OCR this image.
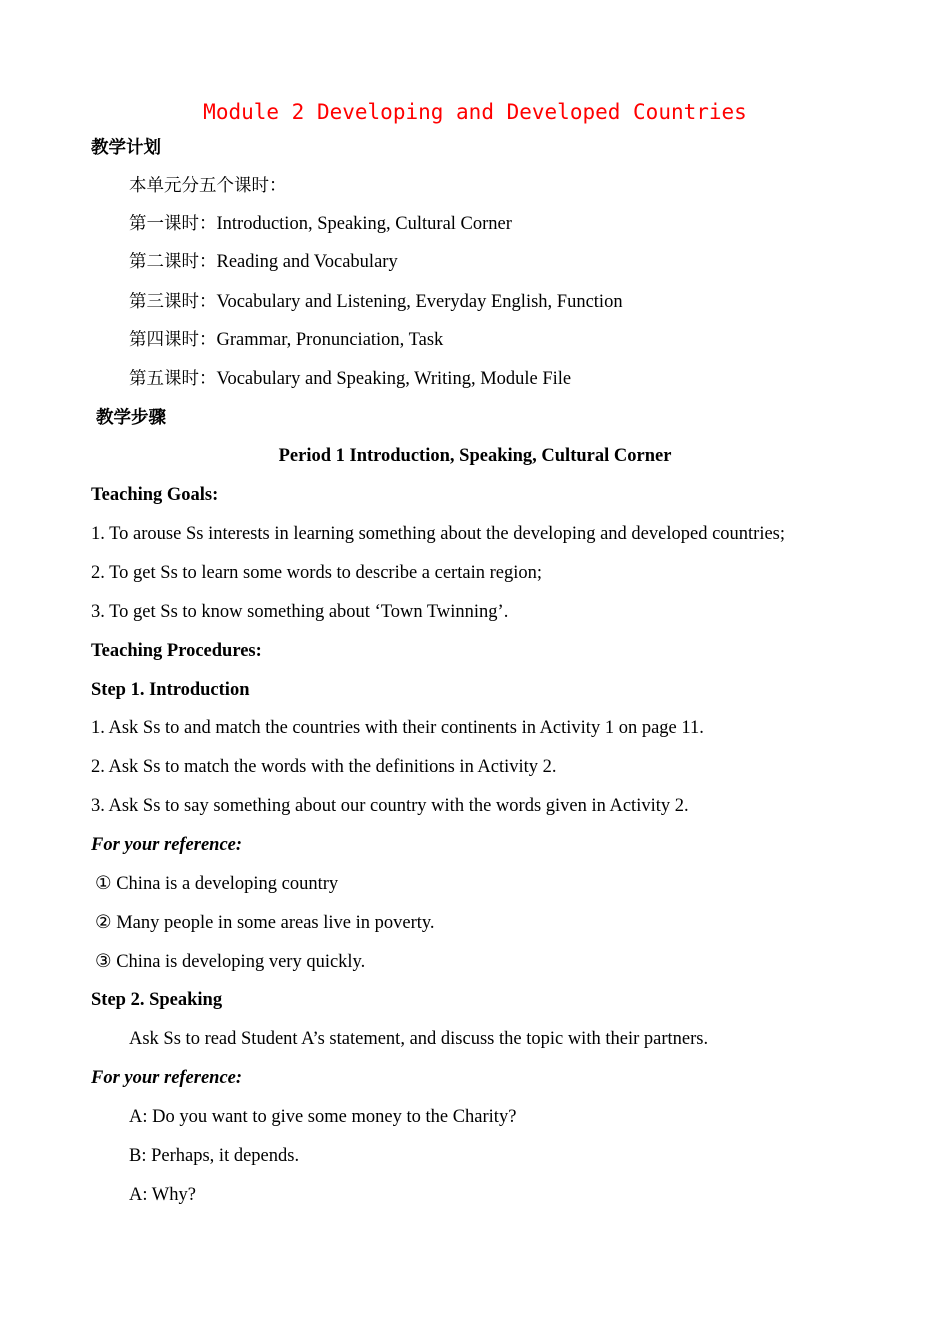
Module 2 Developing and Developed Countries
教学计划
本单元分五个课时：
第一课时：Introduction, Speaking, Cultural Corner
第二课时：Reading and Vocabulary
第三课时：Vocabulary and Listening, Everyday English, Function
第四课时：Grammar, Pronunciation, Task
第五课时：Vocabulary and Speaking, Writing, Module File
教学步骤
Period 1 Introduction, Speaking, Cultural Corner
Teaching Goals:
1. To arouse Ss interests in learning something about the developing and developed countries;
2. To get Ss to learn some words to describe a certain region;
3. To get Ss to know something about ‘Town Twinning’.
Teaching Procedures:
Step 1. Introduction
1. Ask Ss to and match the countries with their continents in Activity 1 on page 11.
2. Ask Ss to match the words with the definitions in Activity 2.
3. Ask Ss to say something about our country with the words given in Activity 2.
For your reference:
① China is a developing country
② Many people in some areas live in poverty.
③ China is developing very quickly.
Step 2. Speaking
Ask Ss to read Student A’s statement, and discuss the topic with their partners.
For your reference:
A: Do you want to give some money to the Charity?
B: Perhaps, it depends.
A: Why?
